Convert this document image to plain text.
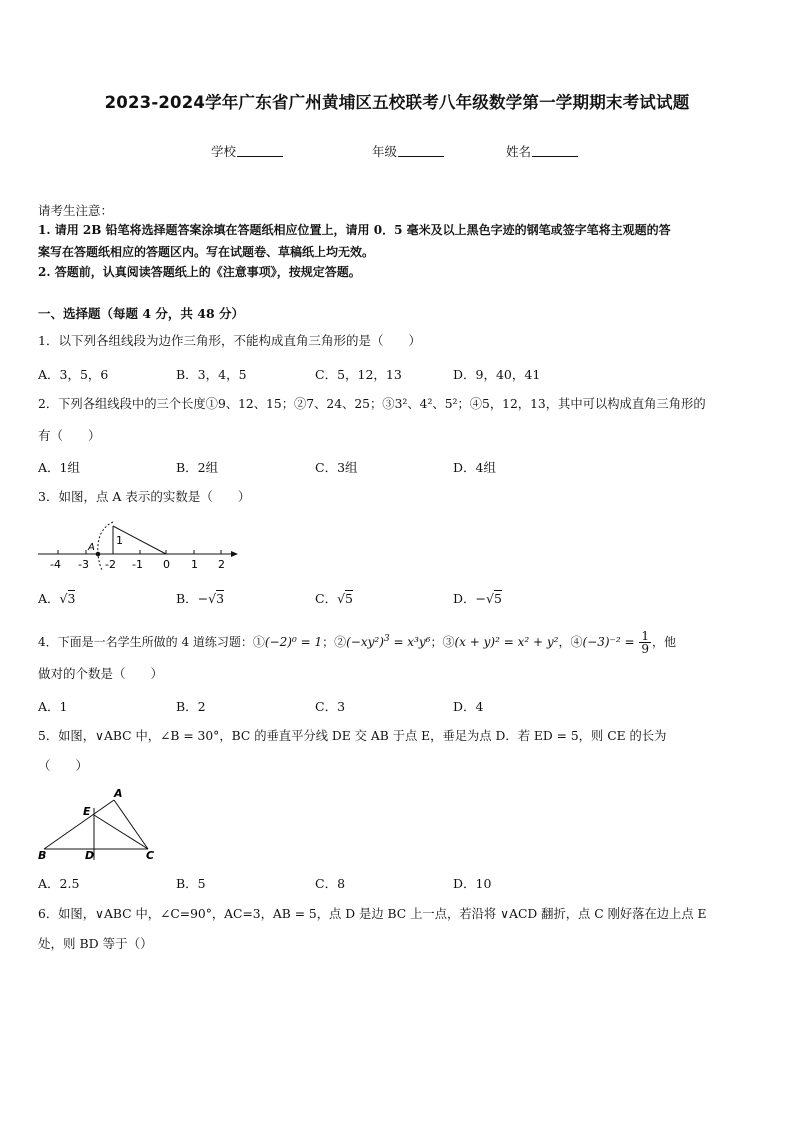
2023-2024学年广东省广州黄埔区五校联考八年级数学第一学期期末考试试题
学校	年级	姓名
请考生注意：
1. 请用 2B 铅笔将选择题答案涂填在答题纸相应位置上，请用 0．5 毫米及以上黑色字迹的钢笔或签字笔将主观题的答
案写在答题纸相应的答题区内。写在试题卷、草稿纸上均无效。
2. 答题前，认真阅读答题纸上的《注意事项》，按规定答题。
一、选择题（每题 4 分，共 48 分）
1．以下列各组线段为边作三角形，不能构成直角三角形的是（　　）
A．3，5，6	B．3，4，5	C．5，12，13	D．9，40，41
2．下列各组线段中的三个长度①9、12、15；②7、24、25；③3²、4²、5²；④5，12，13，其中可以构成直角三角形的
有（　　）
A．1组	B．2组	C．3组	D．4组
3．如图，点 A 表示的实数是（　　）
A
1
-4 -3 -2 -1 0 1 2
A．√3	B．−√3	C．√5	D．−√5
4．下面是一名学生所做的 4 道练习题：①(−2)⁰ = 1；$②(-xy^2)^3 = x^3y^6$；③(x + y)² = x² + y²，④(−3)⁻² = $\frac{1}{9}$ ，他
做对的个数是（　　）
A．1	B．2	C．3	D．4
5．如图，∨ABC 中，∠B = 30°，BC 的垂直平分线 DE 交 AB 于点 E，垂足为点 D．若 ED = 5，则 CE 的长为
（　　）
A
E
B	D	C
A．2.5	B．5	C．8	D．10
6．如图，∨ABC 中，∠C=90°，AC=3，AB = 5，点 D 是边 BC 上一点，若沿将 ∨ACD 翻折，点 C 刚好落在边上点 E
处，则 BD 等于（）
